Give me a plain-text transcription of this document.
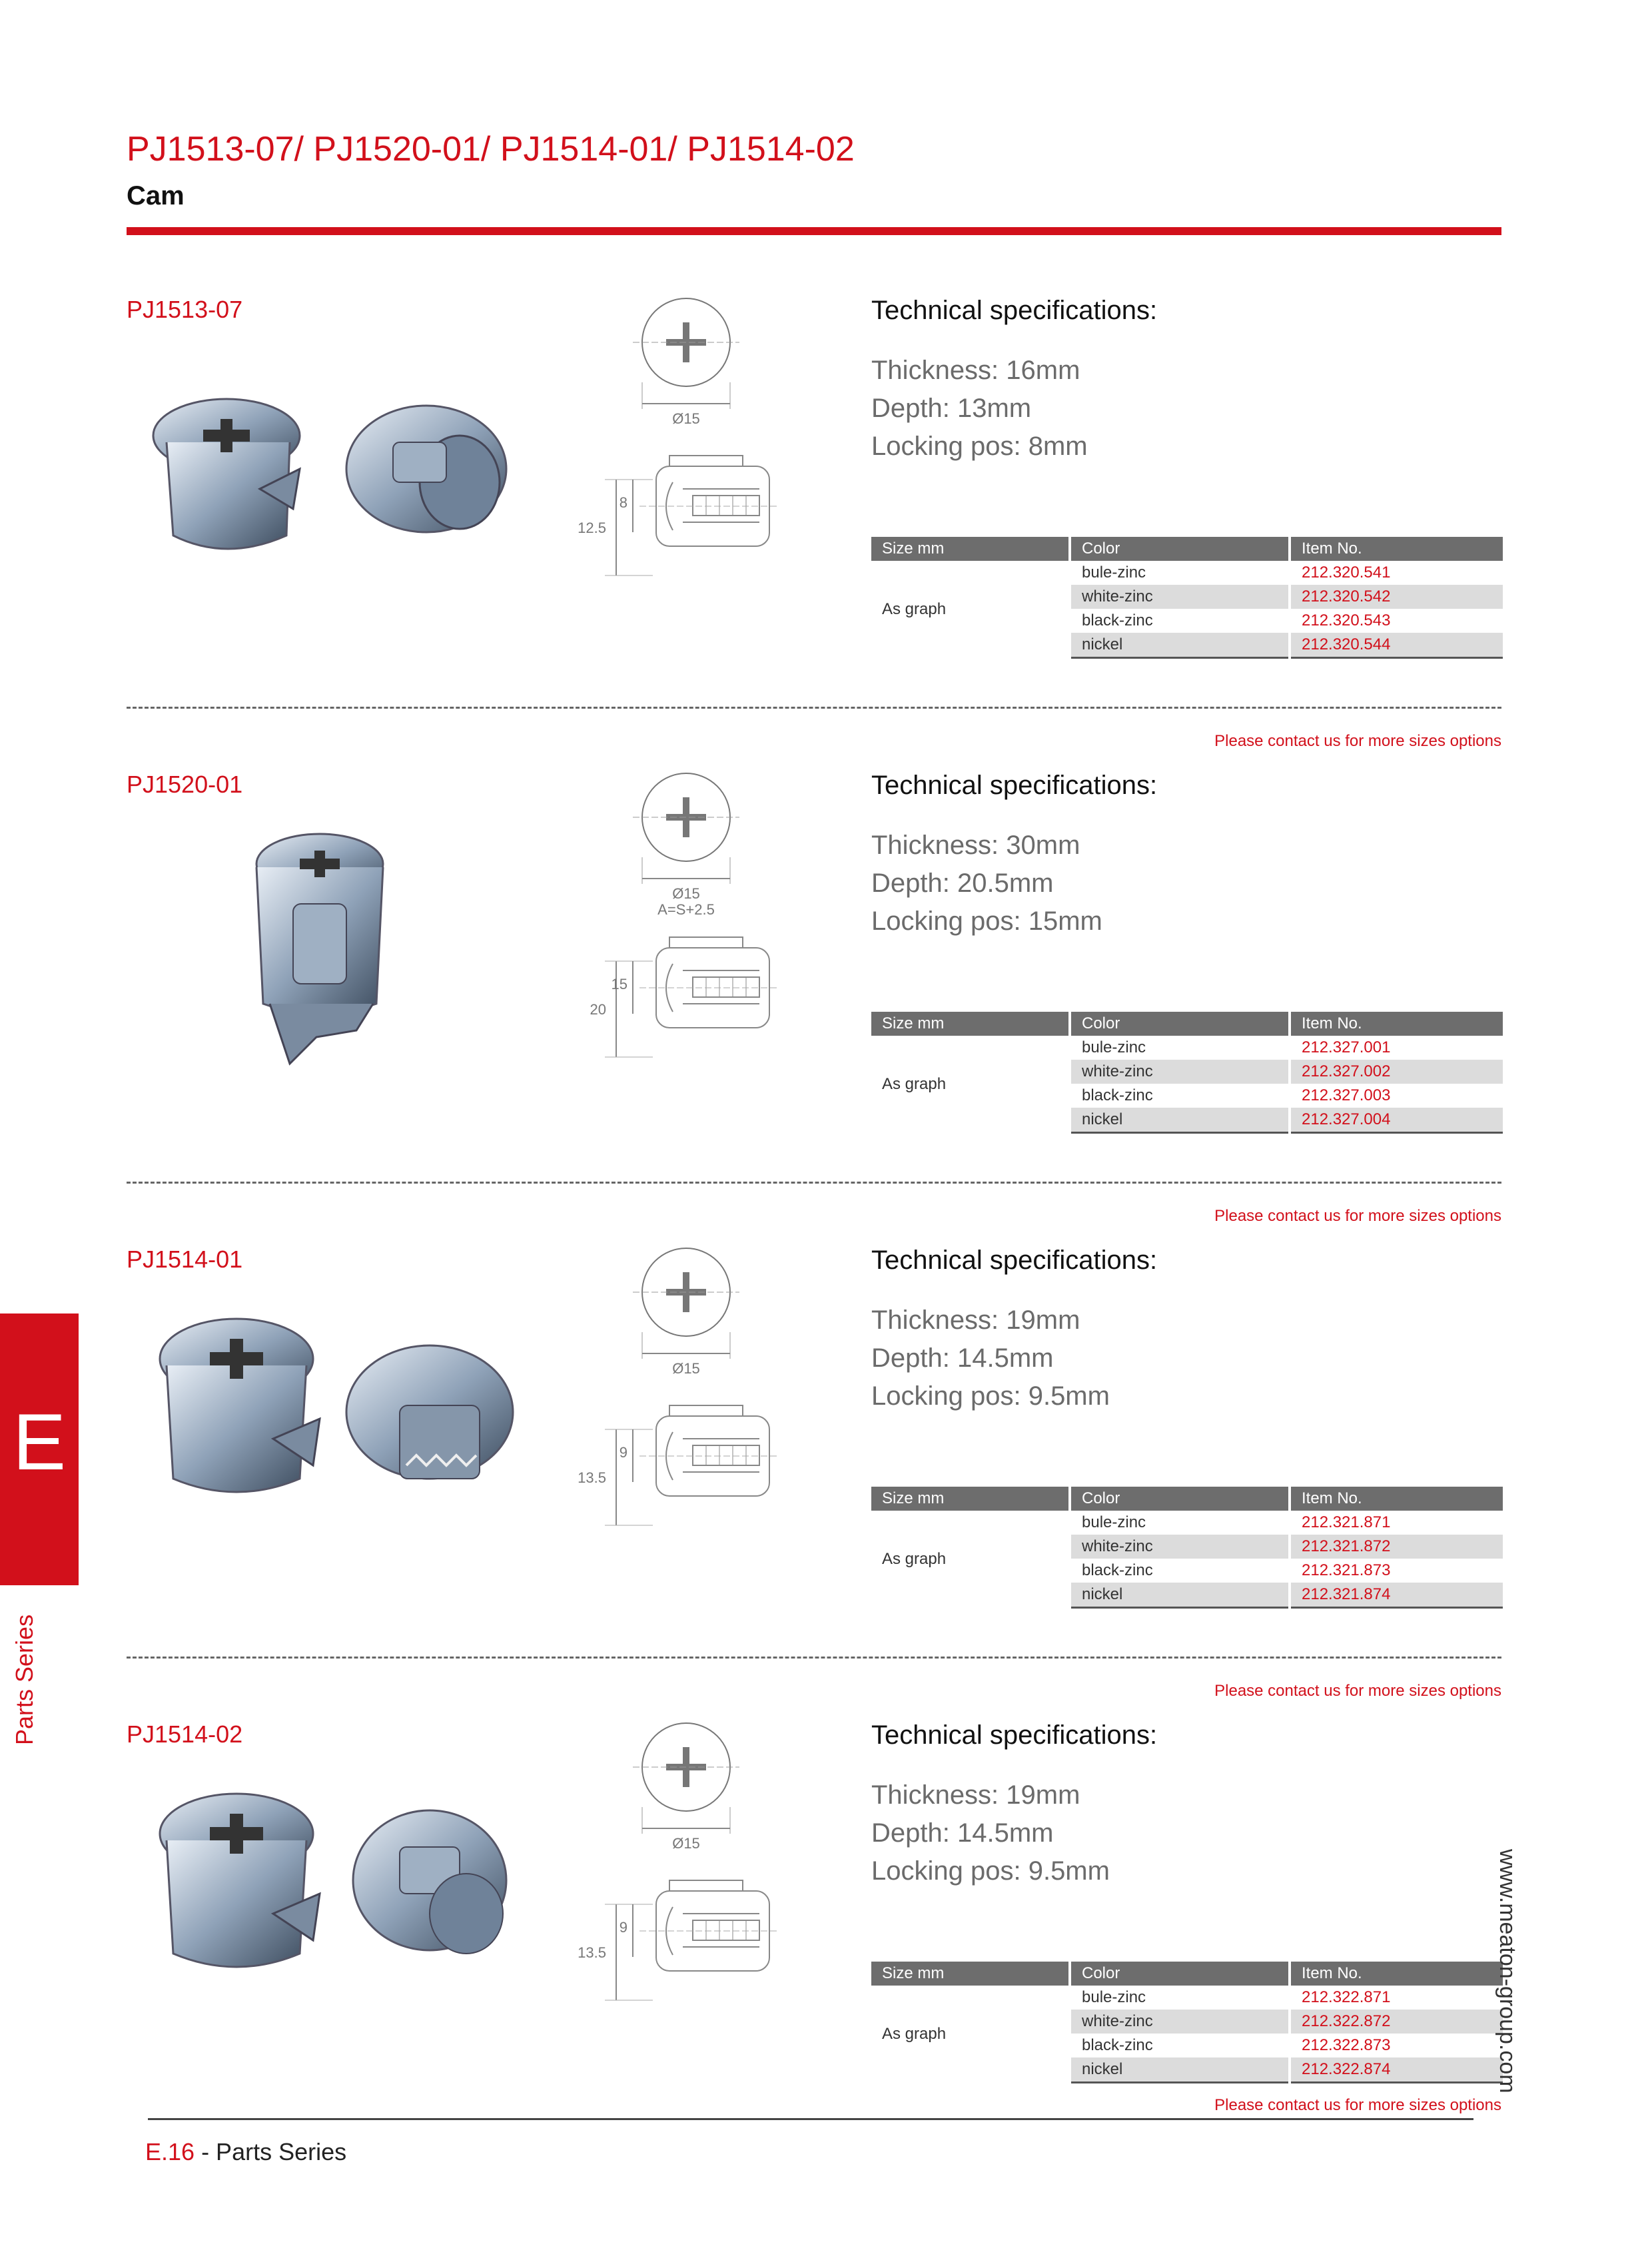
PJ1513-07/ PJ1520-01/ PJ1514-01/ PJ1514-02
Cam
PJ1513-07
Ø15
12.5
8
Technical specifications:
Thickness: 16mm
Depth: 13mm
Locking pos: 8mm
Size mm	Color	Item No.
As graph	bule-zinc	212.320.541
	white-zinc	212.320.542
	black-zinc	212.320.543
	nickel	212.320.544
Please contact us for more sizes options
PJ1520-01
Ø15
A=S+2.5
20
15
Technical specifications:
Thickness: 30mm
Depth: 20.5mm
Locking pos: 15mm
Size mm	Color	Item No.
As graph	bule-zinc	212.327.001
	white-zinc	212.327.002
	black-zinc	212.327.003
	nickel	212.327.004
Please contact us for more sizes options
PJ1514-01
Ø15
13.5
9
Technical specifications:
Thickness: 19mm
Depth: 14.5mm
Locking pos: 9.5mm
Size mm	Color	Item No.
As graph	bule-zinc	212.321.871
	white-zinc	212.321.872
	black-zinc	212.321.873
	nickel	212.321.874
Please contact us for more sizes options
PJ1514-02
Ø15
13.5
9
Technical specifications:
Thickness: 19mm
Depth: 14.5mm
Locking pos: 9.5mm
Size mm	Color	Item No.
As graph	bule-zinc	212.322.871
	white-zinc	212.322.872
	black-zinc	212.322.873
	nickel	212.322.874
Please contact us for more sizes options
E
Parts Series
www.meaton-group.com
E.16 - Parts Series
